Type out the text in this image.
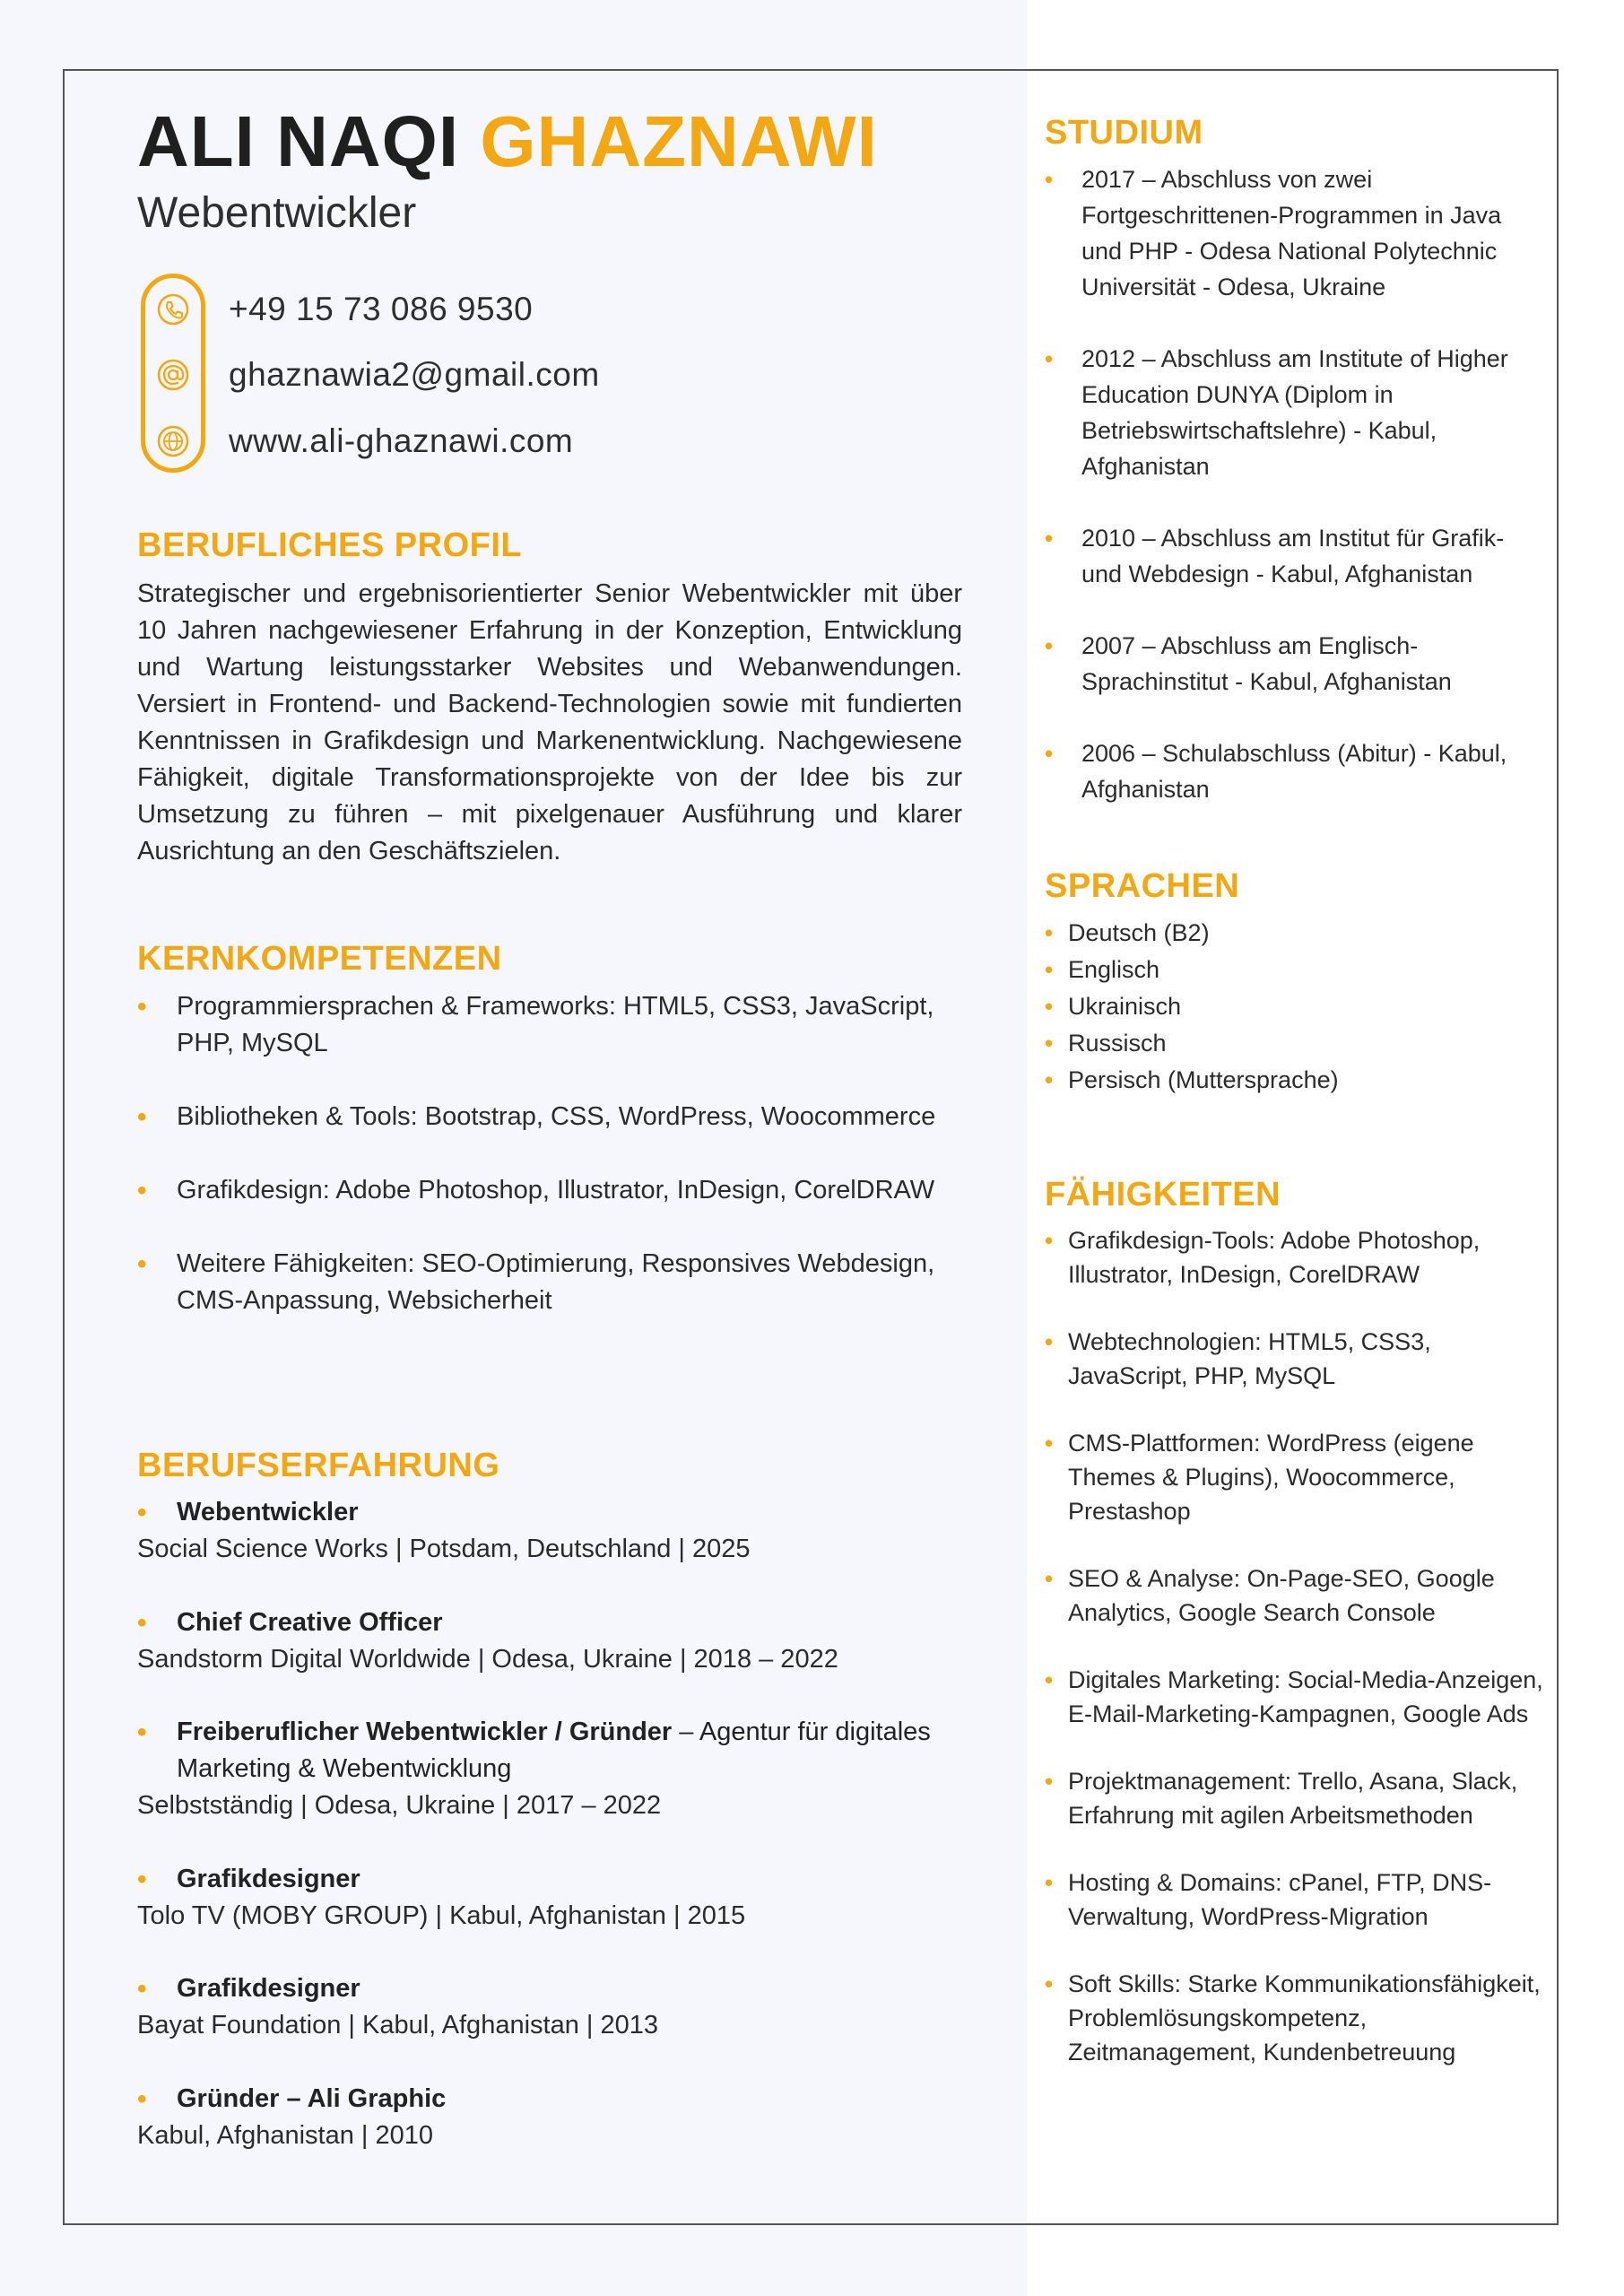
ALI NAQI GHAZNAWI
Webentwickler
+49 15 73 086 9530
ghaznawia2@gmail.com
www.ali-ghaznawi.com
BERUFLICHES PROFIL
Strategischer und ergebnisorientierter Senior Webentwickler mit über 10 Jahren nachgewiesener Erfahrung in der Konzeption, Entwicklung und Wartung leistungsstarker Websites und Webanwendungen. Versiert in Frontend- und Backend-Technologien sowie mit fundierten Kenntnissen in Grafikdesign und Markenentwicklung. Nachgewiesene Fähigkeit, digitale Transformationsprojekte von der Idee bis zur Umsetzung zu führen – mit pixelgenauer Ausführung und klarer Ausrichtung an den Geschäftszielen.
KERNKOMPETENZEN
• Programmiersprachen & Frameworks: HTML5, CSS3, JavaScript, PHP, MySQL
• Bibliotheken & Tools: Bootstrap, CSS, WordPress, Woocommerce
• Grafikdesign: Adobe Photoshop, Illustrator, InDesign, CorelDRAW
• Weitere Fähigkeiten: SEO-Optimierung, Responsives Webdesign, CMS-Anpassung, Websicherheit
BERUFSERFAHRUNG
• Webentwickler
Social Science Works | Potsdam, Deutschland | 2025
• Chief Creative Officer
Sandstorm Digital Worldwide | Odesa, Ukraine | 2018 – 2022
• Freiberuflicher Webentwickler / Gründer – Agentur für digitales Marketing & Webentwicklung
Selbstständig | Odesa, Ukraine | 2017 – 2022
• Grafikdesigner
Tolo TV (MOBY GROUP) | Kabul, Afghanistan | 2015
• Grafikdesigner
Bayat Foundation | Kabul, Afghanistan | 2013
• Gründer – Ali Graphic
Kabul, Afghanistan | 2010
STUDIUM
• 2017 – Abschluss von zwei Fortgeschrittenen-Programmen in Java und PHP - Odesa National Polytechnic Universität - Odesa, Ukraine
• 2012 – Abschluss am Institute of Higher Education DUNYA (Diplom in Betriebswirtschaftslehre) - Kabul, Afghanistan
• 2010 – Abschluss am Institut für Grafik- und Webdesign - Kabul, Afghanistan
• 2007 – Abschluss am Englisch-Sprachinstitut - Kabul, Afghanistan
• 2006 – Schulabschluss (Abitur) - Kabul, Afghanistan
SPRACHEN
• Deutsch (B2)
• Englisch
• Ukrainisch
• Russisch
• Persisch (Muttersprache)
FÄHIGKEITEN
• Grafikdesign-Tools: Adobe Photoshop, Illustrator, InDesign, CorelDRAW
• Webtechnologien: HTML5, CSS3, JavaScript, PHP, MySQL
• CMS-Plattformen: WordPress (eigene Themes & Plugins), Woocommerce, Prestashop
• SEO & Analyse: On-Page-SEO, Google Analytics, Google Search Console
• Digitales Marketing: Social-Media-Anzeigen, E-Mail-Marketing-Kampagnen, Google Ads
• Projektmanagement: Trello, Asana, Slack, Erfahrung mit agilen Arbeitsmethoden
• Hosting & Domains: cPanel, FTP, DNS-Verwaltung, WordPress-Migration
• Soft Skills: Starke Kommunikationsfähigkeit, Problemlösungskompetenz, Zeitmanagement, Kundenbetreuung
